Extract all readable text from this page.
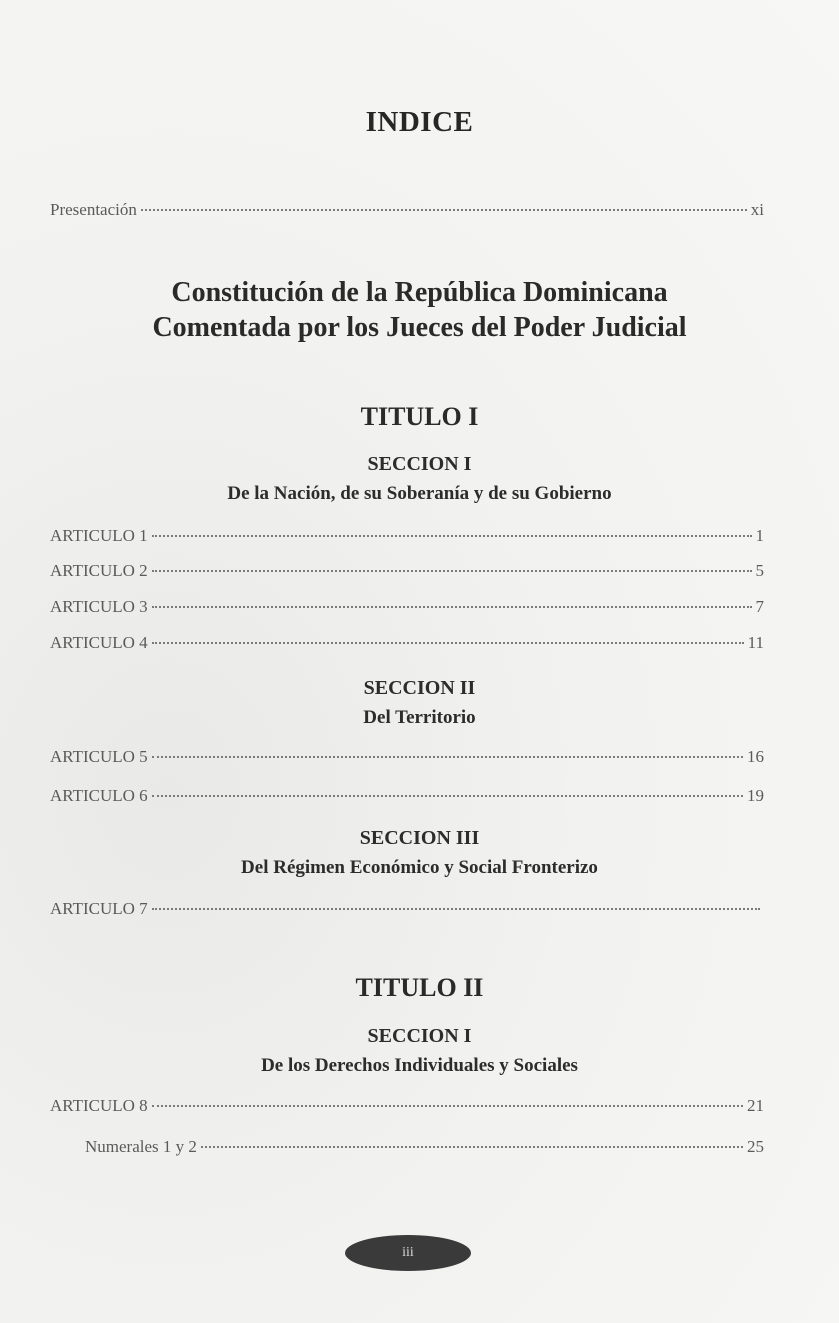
INDICE
Presentación	xi
Constitución de la República Dominicana
Comentada por los Jueces del Poder Judicial
TITULO I
SECCION I
De la Nación, de su Soberanía y de su Gobierno
ARTICULO 1	1
ARTICULO 2	5
ARTICULO 3	7
ARTICULO 4	11
SECCION II
Del Territorio
ARTICULO 5	16
ARTICULO 6	19
SECCION III
Del Régimen Económico y Social Fronterizo
ARTICULO 7
TITULO II
SECCION I
De los Derechos Individuales y Sociales
ARTICULO 8	21
Numerales 1 y 2	25
iii
